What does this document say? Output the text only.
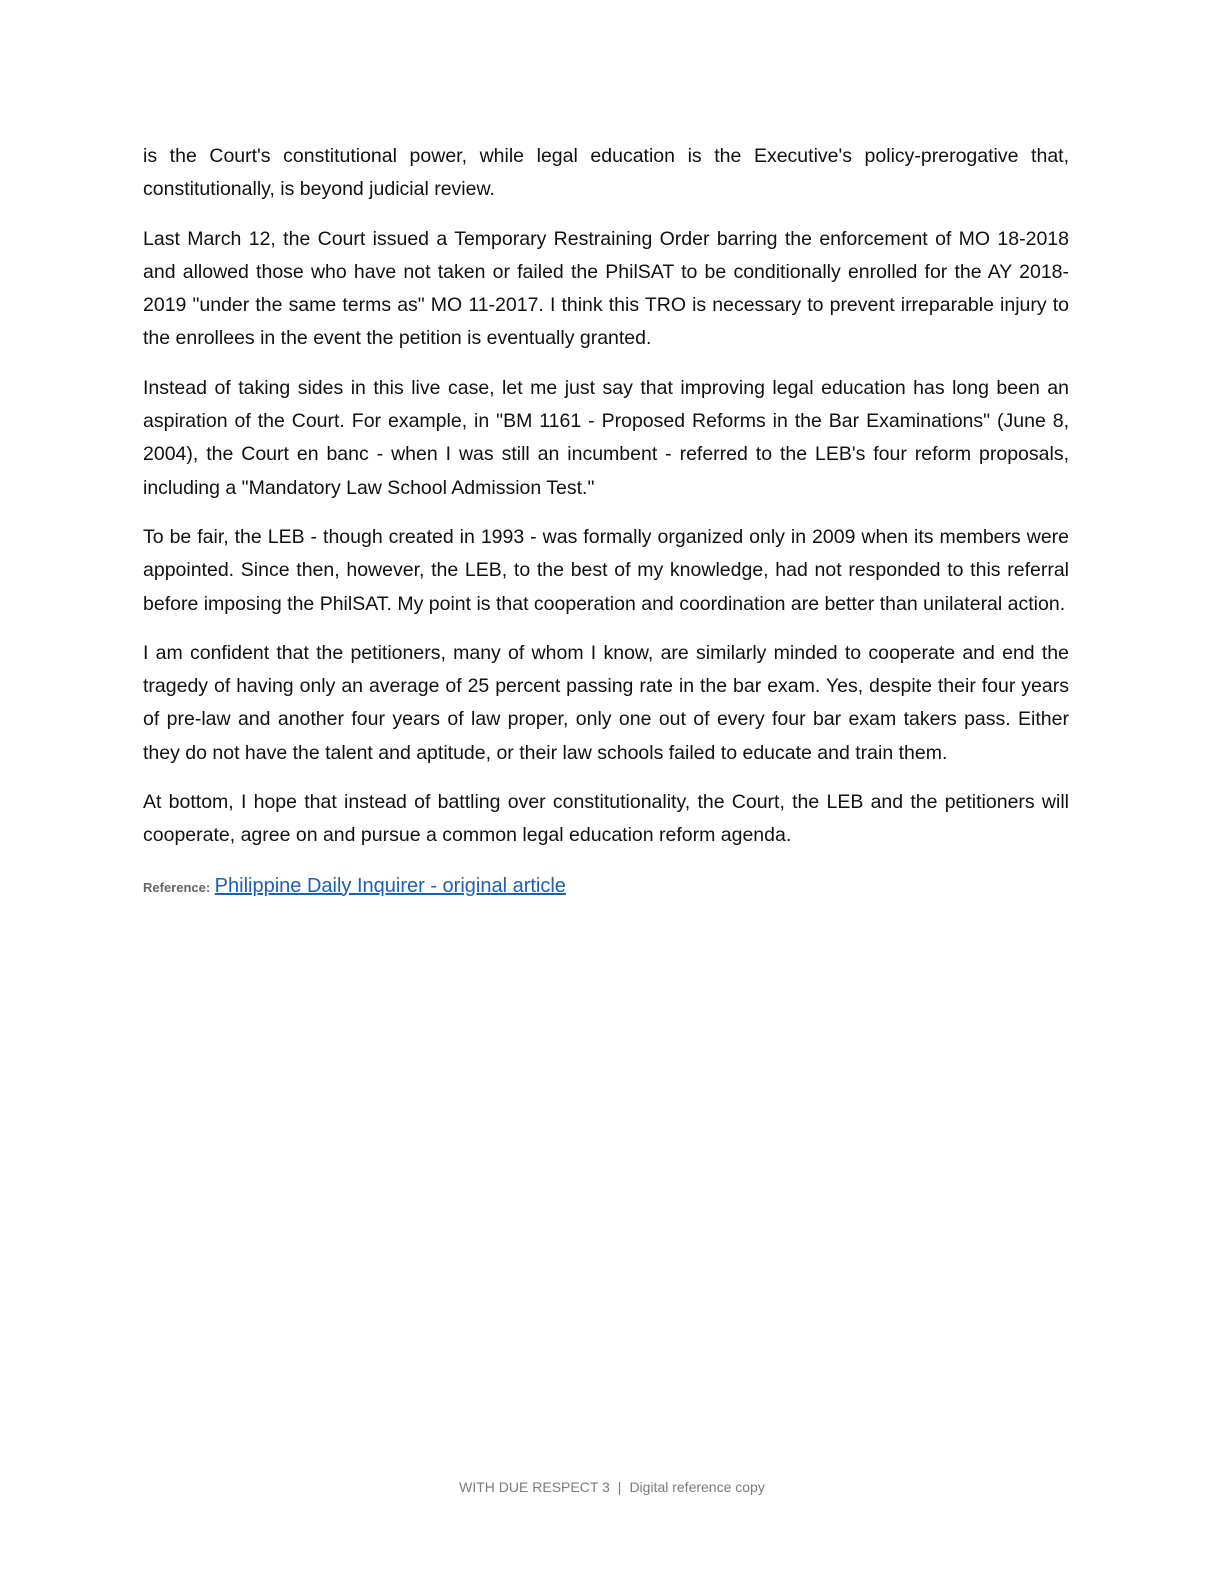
is the Court's constitutional power, while legal education is the Executive's policy-prerogative that, constitutionally, is beyond judicial review.

Last March 12, the Court issued a Temporary Restraining Order barring the enforcement of MO 18-2018 and allowed those who have not taken or failed the PhilSAT to be conditionally enrolled for the AY 2018-2019 "under the same terms as" MO 11-2017. I think this TRO is necessary to prevent irreparable injury to the enrollees in the event the petition is eventually granted.

Instead of taking sides in this live case, let me just say that improving legal education has long been an aspiration of the Court. For example, in "BM 1161 - Proposed Reforms in the Bar Examinations" (June 8, 2004), the Court en banc - when I was still an incumbent - referred to the LEB's four reform proposals, including a "Mandatory Law School Admission Test."

To be fair, the LEB - though created in 1993 - was formally organized only in 2009 when its members were appointed. Since then, however, the LEB, to the best of my knowledge, had not responded to this referral before imposing the PhilSAT. My point is that cooperation and coordination are better than unilateral action.

I am confident that the petitioners, many of whom I know, are similarly minded to cooperate and end the tragedy of having only an average of 25 percent passing rate in the bar exam. Yes, despite their four years of pre-law and another four years of law proper, only one out of every four bar exam takers pass. Either they do not have the talent and aptitude, or their law schools failed to educate and train them.

At bottom, I hope that instead of battling over constitutionality, the Court, the LEB and the petitioners will cooperate, agree on and pursue a common legal education reform agenda.

Reference: Philippine Daily Inquirer - original article
WITH DUE RESPECT 3 | Digital reference copy
